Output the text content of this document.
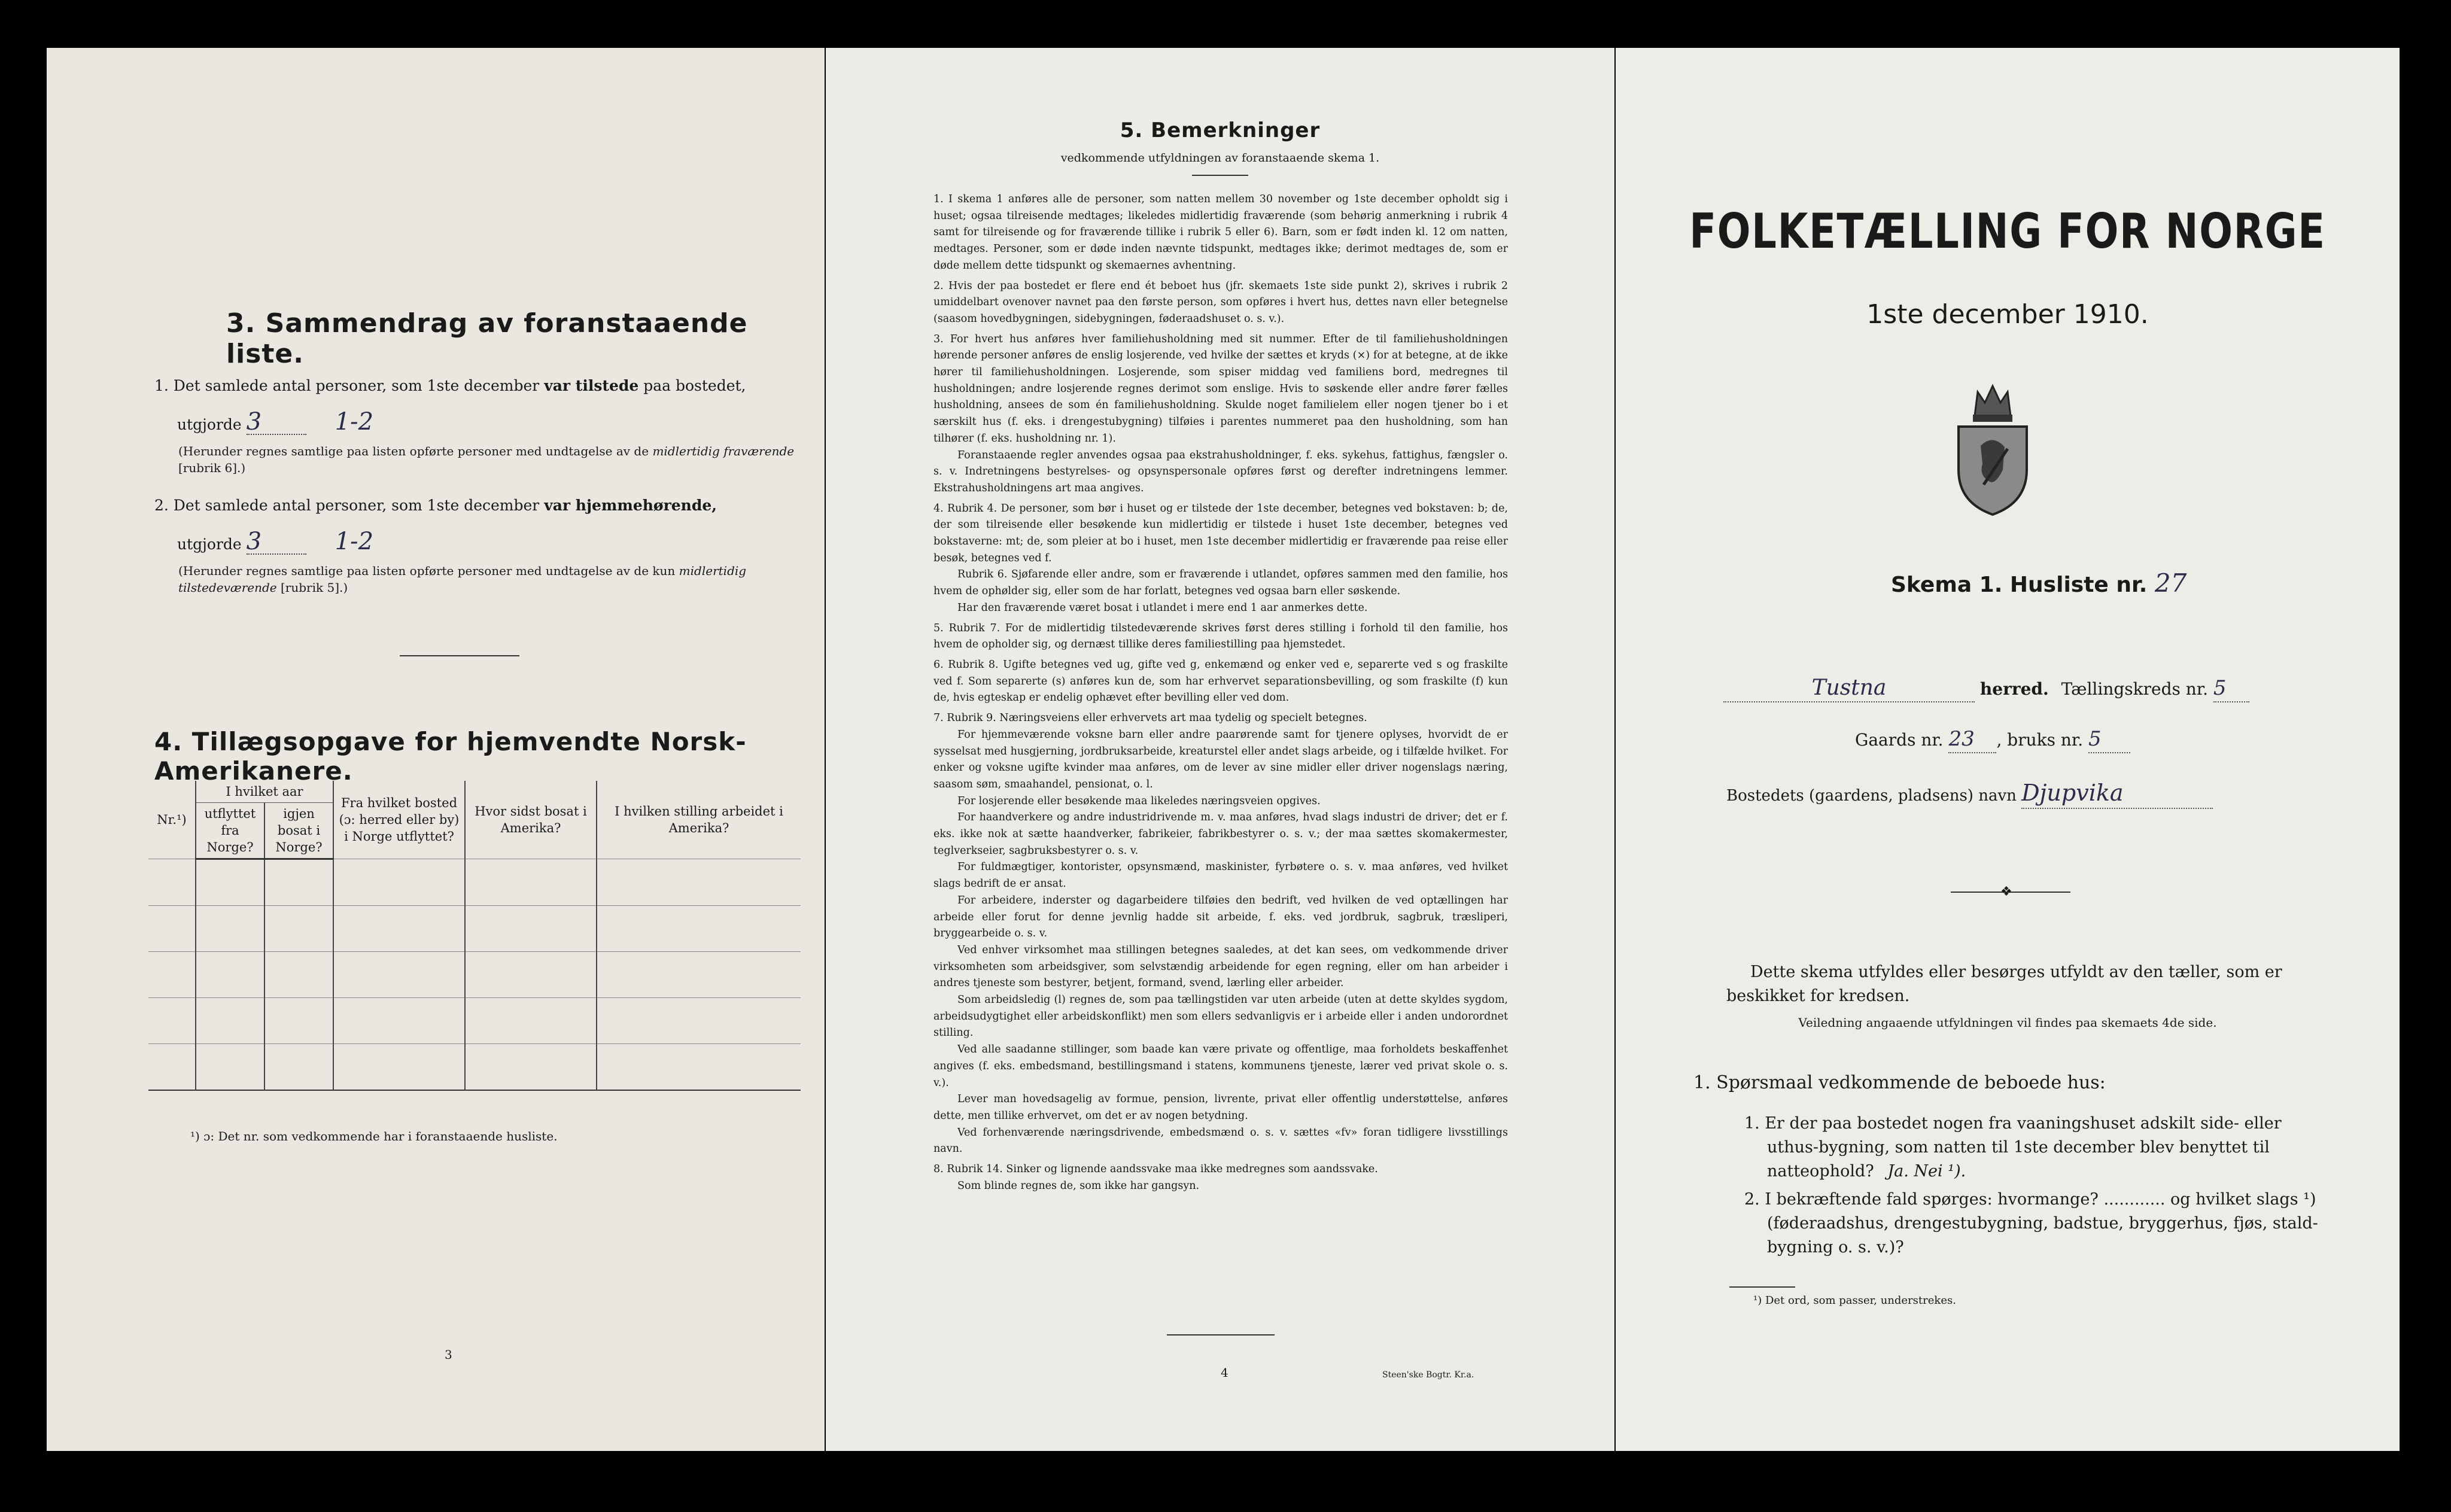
3. Sammendrag av foranstaaende liste.
1. Det samlede antal personer, som 1ste december var tilstede paa bostedet,
utgjorde 3	1-2
(Herunder regnes samtlige paa listen opførte personer med undtagelse av de midlertidig fraværende [rubrik 6].)
2. Det samlede antal personer, som 1ste december var hjemmehørende,
utgjorde 3	1-2
(Herunder regnes samtlige paa listen opførte personer med undtagelse av de kun midlertidig tilstedeværende [rubrik 5].)
4. Tillægsopgave for hjemvendte Norsk-Amerikanere.
Nr.¹)	I hvilket aar		Fra hvilket bosted (ɔ: herred eller by) i Norge utflyttet?	Hvor sidst bosat i Amerika?	I hvilken stilling arbeidet i Amerika?
	utflyttet fra Norge?	igjen bosat i Norge?			

¹) ɔ: Det nr. som vedkommende har i foranstaaende husliste.
3
5. Bemerkninger
vedkommende utfyldningen av foranstaaende skema 1.

1. I skema 1 anføres alle de personer, som natten mellem 30 november og 1ste december opholdt sig i huset; ogsaa tilreisende medtages; likeledes midlertidig fraværende (som behørig anmerkning i rubrik 4 samt for tilreisende og for fraværende tillike i rubrik 5 eller 6). Barn, som er født inden kl. 12 om natten, medtages. Personer, som er døde inden nævnte tidspunkt, medtages ikke; derimot medtages de, som er døde mellem dette tidspunkt og skemaernes avhentning.

2. Hvis der paa bostedet er flere end ét beboet hus (jfr. skemaets 1ste side punkt 2), skrives i rubrik 2 umiddelbart ovenover navnet paa den første person, som opføres i hvert hus, dettes navn eller betegnelse (saasom hovedbygningen, sidebygningen, føderaadshuset o. s. v.).

3. For hvert hus anføres hver familiehusholdning med sit nummer. Efter de til familiehusholdningen hørende personer anføres de enslig losjerende, ved hvilke der sættes et kryds (×) for at betegne, at de ikke hører til familiehusholdningen. Losjerende, som spiser middag ved familiens bord, medregnes til husholdningen; andre losjerende regnes derimot som enslige. Hvis to søskende eller andre fører fælles husholdning, ansees de som én familiehusholdning. Skulde noget familielem eller nogen tjener bo i et særskilt hus (f. eks. i drengestubygning) tilføies i parentes nummeret paa den husholdning, som han tilhører (f. eks. husholdning nr. 1).

Foranstaaende regler anvendes ogsaa paa ekstrahusholdninger, f. eks. sykehus, fattighus, fængsler o. s. v. Indretningens bestyrelses- og opsynspersonale opføres først og derefter indretningens lemmer. Ekstrahusholdningens art maa angives.

4. Rubrik 4. De personer, som bør i huset og er tilstede der 1ste december, betegnes ved bokstaven: b; de, der som tilreisende eller besøkende kun midlertidig er tilstede i huset 1ste december, betegnes ved bokstaverne: mt; de, som pleier at bo i huset, men 1ste december midlertidig er fraværende paa reise eller besøk, betegnes ved f.

Rubrik 6. Sjøfarende eller andre, som er fraværende i utlandet, opføres sammen med den familie, hos hvem de ophølder sig, eller som de har forlatt, betegnes ved ogsaa barn eller søskende.

Har den fraværende været bosat i utlandet i mere end 1 aar anmerkes dette.

5. Rubrik 7. For de midlertidig tilstedeværende skrives først deres stilling i forhold til den familie, hos hvem de opholder sig, og dernæst tillike deres familiestilling paa hjemstedet.

6. Rubrik 8. Ugifte betegnes ved ug, gifte ved g, enkemænd og enker ved e, separerte ved s og fraskilte ved f. Som separerte (s) anføres kun de, som har erhvervet separationsbevilling, og som fraskilte (f) kun de, hvis egteskap er endelig ophævet efter bevilling eller ved dom.

7. Rubrik 9. Næringsveiens eller erhvervets art maa tydelig og specielt betegnes.

For hjemmeværende voksne barn eller andre paarørende samt for tjenere oplyses, hvorvidt de er sysselsat med husgjerning, jordbruksarbeide, kreaturstel eller andet slags arbeide, og i tilfælde hvilket. For enker og voksne ugifte kvinder maa anføres, om de lever av sine midler eller driver nogenslags næring, saasom søm, smaahandel, pensionat, o. l.

For losjerende eller besøkende maa likeledes næringsveien opgives.

For haandverkere og andre industridrivende m. v. maa anføres, hvad slags industri de driver; det er f. eks. ikke nok at sætte haandverker, fabrikeier, fabrikbestyrer o. s. v.; der maa sættes skomakermester, teglverkseier, sagbruksbestyrer o. s. v.

For fuldmægtiger, kontorister, opsynsmænd, maskinister, fyrbøtere o. s. v. maa anføres, ved hvilket slags bedrift de er ansat.

For arbeidere, inderster og dagarbeidere tilføies den bedrift, ved hvilken de ved optællingen har arbeide eller forut for denne jevnlig hadde sit arbeide, f. eks. ved jordbruk, sagbruk, træsliperi, bryggearbeide o. s. v.

Ved enhver virksomhet maa stillingen betegnes saaledes, at det kan sees, om vedkommende driver virksomheten som arbeidsgiver, som selvstændig arbeidende for egen regning, eller om han arbeider i andres tjeneste som bestyrer, betjent, formand, svend, lærling eller arbeider.

Som arbeidsledig (l) regnes de, som paa tællingstiden var uten arbeide (uten at dette skyldes sygdom, arbeidsudygtighet eller arbeidskonflikt) men som ellers sedvanligvis er i arbeide eller i anden undorordnet stilling.

Ved alle saadanne stillinger, som baade kan være private og offentlige, maa forholdets beskaffenhet angives (f. eks. embedsmand, bestillingsmand i statens, kommunens tjeneste, lærer ved privat skole o. s. v.).

Lever man hovedsagelig av formue, pension, livrente, privat eller offentlig understøttelse, anføres dette, men tillike erhvervet, om det er av nogen betydning.

Ved forhenværende næringsdrivende, embedsmænd o. s. v. sættes «fv» foran tidligere livsstillings navn.

8. Rubrik 14. Sinker og lignende aandssvake maa ikke medregnes som aandssvake.

Som blinde regnes de, som ikke har gangsyn.

4	Steen'ske Bogtr. Kr.a.
FOLKETÆLLING FOR NORGE
1ste december 1910.
Skema 1. Husliste nr. 27
Tustna	herred. Tællingskreds nr. 5
Gaards nr. 23 , bruks nr. 5
Bostedets (gaardens, pladsens) navn Djupvika
❖
Dette skema utfyldes eller besørges utfyldt av den tæller, som er
beskikket for kredsen.
Veiledning angaaende utfyldningen vil findes paa skemaets 4de side.
1. Spørsmaal vedkommende de beboede hus:
1. Er der paa bostedet nogen fra vaaningshuset adskilt side- eller
uthus-bygning, som natten til 1ste december blev benyttet til
natteophold? Ja. Nei ¹).
2. I bekræftende fald spørges: hvormange? ............ og hvilket slags ¹)
(føderaadshus, drengestubygning, badstue, bryggerhus, fjøs, stald-
bygning o. s. v.)?
¹) Det ord, som passer, understrekes.
